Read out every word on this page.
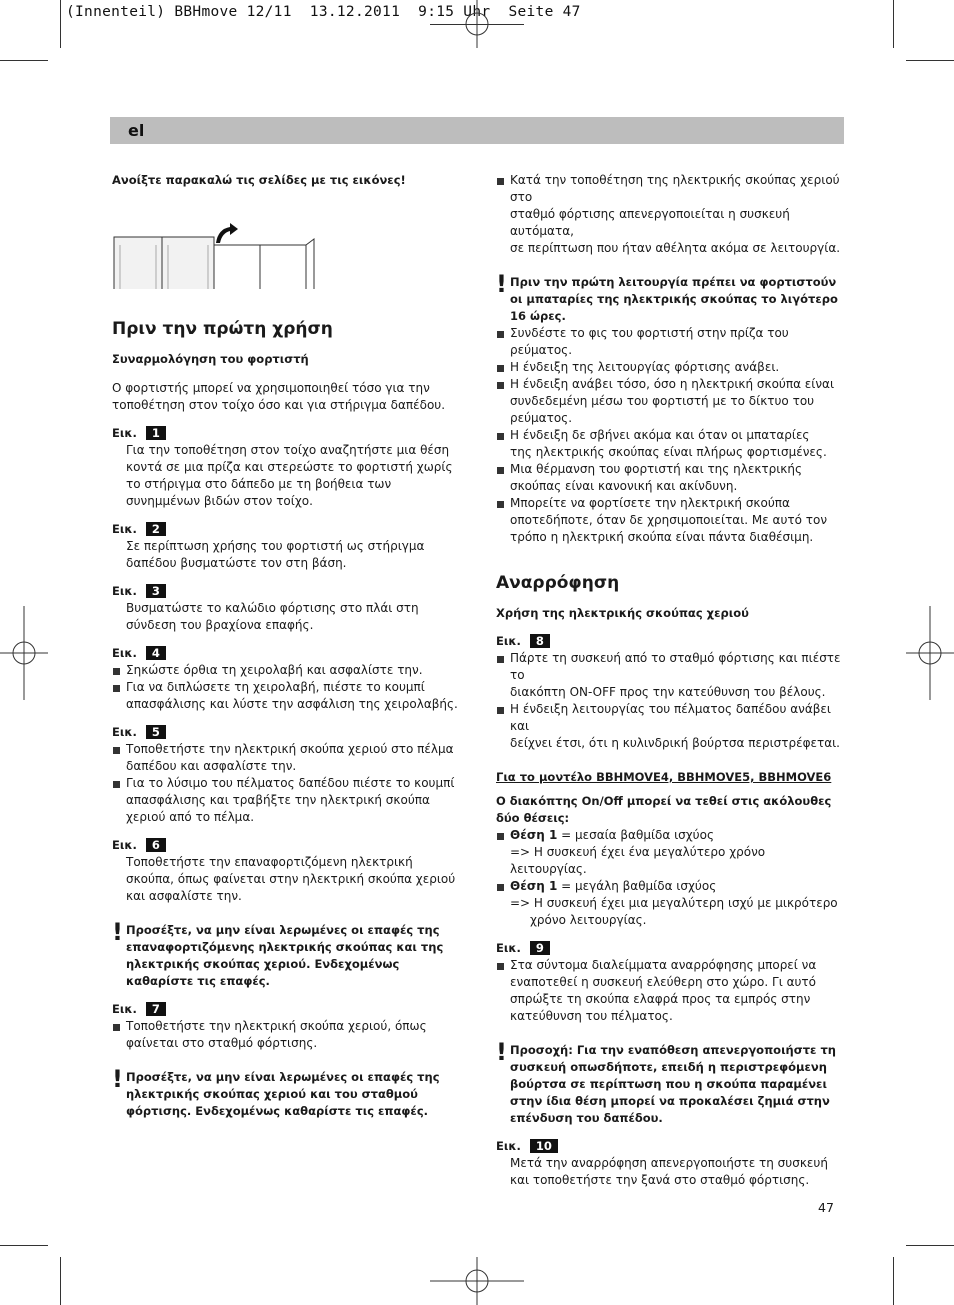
(Innenteil) BBHmove 12/11  13.12.2011  9:15 Uhr  Seite 47
el
Ανοίξτε παρακαλώ τις σελίδες με τις εικόνες!
Πριν την πρώτη χρήση
Συναρμολόγηση του φορτιστή
Ο φορτιστής μπορεί να χρησιμοποιηθεί τόσο για την
τοποθέτηση στον τοίχο όσο και για στήριγμα δαπέδου.
Εικ.	1
Για την τοποθέτηση στον τοίχο αναζητήστε μια θέση
κοντά σε μια πρίζα και στερεώστε το φορτιστή χωρίς
το στήριγμα στο δάπεδο με τη βοήθεια των
συνημμένων βιδών στον τοίχο.
Εικ.	2
Σε περίπτωση χρήσης του φορτιστή ως στήριγμα
δαπέδου βυσματώστε τον στη βάση.
Εικ.	3
Βυσματώστε το καλώδιο φόρτισης στο πλάι στη
σύνδεση του βραχίονα επαφής.
Εικ.	4
Σηκώστε όρθια τη χειρολαβή και ασφαλίστε την.
Για να διπλώσετε τη χειρολαβή, πιέστε το κουμπί
απασφάλισης και λύστε την ασφάλιση της χειρολαβής.
Εικ.	5
Τοποθετήστε την ηλεκτρική σκούπα χεριού στο πέλμα
δαπέδου και ασφαλίστε την.
Για το λύσιμο του πέλματος δαπέδου πιέστε το κουμπί
απασφάλισης και τραβήξτε την ηλεκτρική σκούπα
χεριού από το πέλμα.
Εικ.	6
Τοποθετήστε την επαναφορτιζόμενη ηλεκτρική
σκούπα, όπως φαίνεται στην ηλεκτρική σκούπα χεριού
και ασφαλίστε την.
! Προσέξτε, να μην είναι λερωμένες οι επαφές της
επαναφορτιζόμενης ηλεκτρικής σκούπας και της
ηλεκτρικής σκούπας χεριού. Ενδεχομένως
καθαρίστε τις επαφές.
Εικ.	7
Τοποθετήστε την ηλεκτρική σκούπα χεριού, όπως
φαίνεται στο σταθμό φόρτισης.
! Προσέξτε, να μην είναι λερωμένες οι επαφές της
ηλεκτρικής σκούπας χεριού και του σταθμού
φόρτισης. Ενδεχομένως καθαρίστε τις επαφές.
Κατά την τοποθέτηση της ηλεκτρικής σκούπας χεριού στο
σταθμό φόρτισης απενεργοποιείται η συσκευή αυτόματα,
σε περίπτωση που ήταν αθέλητα ακόμα σε λειτουργία.
! Πριν την πρώτη λειτουργία πρέπει να φορτιστούν
οι μπαταρίες της ηλεκτρικής σκούπας το λιγότερο
16 ώρες.
Συνδέστε το φις του φορτιστή στην πρίζα του ρεύματος.
Η ένδειξη της λειτουργίας φόρτισης ανάβει.
Η ένδειξη ανάβει τόσο, όσο η ηλεκτρική σκούπα είναι
συνδεδεμένη μέσω του φορτιστή με το δίκτυο του
ρεύματος.
Η ένδειξη δε σβήνει ακόμα και όταν οι μπαταρίες
της ηλεκτρικής σκούπας είναι πλήρως φορτισμένες.
Μια θέρμανση του φορτιστή και της ηλεκτρικής
σκούπας είναι κανονική και ακίνδυνη.
Μπορείτε να φορτίσετε την ηλεκτρική σκούπα
οποτεδήποτε, όταν δε χρησιμοποιείται. Με αυτό τον
τρόπο η ηλεκτρική σκούπα είναι πάντα διαθέσιμη.
Αναρρόφηση
Χρήση της ηλεκτρικής σκούπας χεριού
Εικ.	8
Πάρτε τη συσκευή από το σταθμό φόρτισης και πιέστε το
διακόπτη ON-OFF προς την κατεύθυνση του βέλους.
Η ένδειξη λειτουργίας του πέλματος δαπέδου ανάβει και
δείχνει έτσι, ότι η κυλινδρική βούρτσα περιστρέφεται.
Για το μοντέλο BBHMOVE4, BBHMOVE5, BBHMOVE6
Ο διακόπτης On/Off μπορεί να τεθεί στις ακόλουθες
δύο θέσεις:
Θέση 1 = μεσαία βαθμίδα ισχύος
=> Η συσκευή έχει ένα μεγαλύτερο χρόνο λειτουργίας.
Θέση 1 = μεγάλη βαθμίδα ισχύος
=> Η συσκευή έχει μια μεγαλύτερη ισχύ με μικρότερο
χρόνο λειτουργίας.
Εικ.	9
Στα σύντομα διαλείμματα αναρρόφησης μπορεί να
εναποτεθεί η συσκευή ελεύθερη στο χώρο. Γι αυτό
σπρώξτε τη σκούπα ελαφρά προς τα εμπρός στην
κατεύθυνση του πέλματος.
! Προσοχή: Για την εναπόθεση απενεργοποιήστε τη
συσκευή οπωσδήποτε, επειδή η περιστρεφόμενη
βούρτσα σε περίπτωση που η σκούπα παραμένει
στην ίδια θέση μπορεί να προκαλέσει ζημιά στην
επένδυση του δαπέδου.
Εικ.	10
Μετά την αναρρόφηση απενεργοποιήστε τη συσκευή
και τοποθετήστε την ξανά στο σταθμό φόρτισης.
47
